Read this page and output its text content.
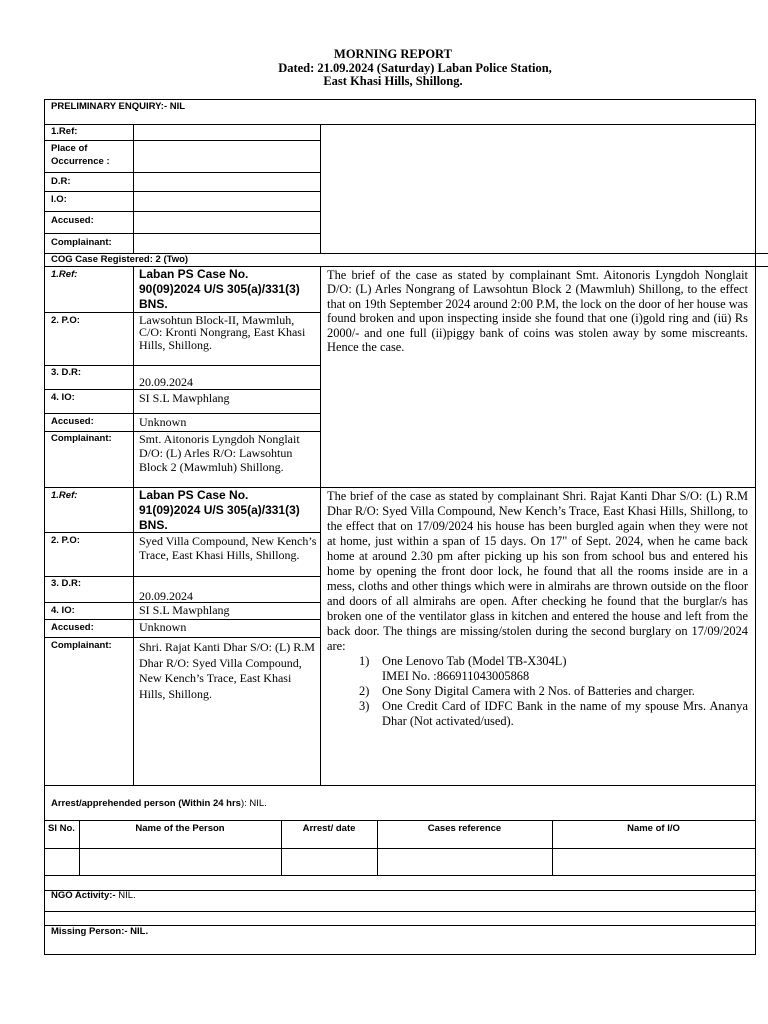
MORNING REPORT
Dated: 21.09.2024 (Saturday) Laban Police Station,
East Khasi Hills, Shillong.
PRELIMINARY ENQUIRY:- NIL
1.Ref:
Place of Occurrence :
D.R:
I.O:
Accused:
Complainant:
COG Case Registered: 2 (Two)
1.Ref:	Laban PS Case No. 90(09)2024 U/S 305(a)/331(3) BNS.
2. P.O:	Lawsohtun Block-II, Mawmluh, C/O: Kronti Nongrang, East Khasi Hills, Shillong.
3. D.R:
20.09.2024
4. IO:	SI S.L Mawphlang
Accused:	Unknown
Complainant: Smt. Aitonoris Lyngdoh Nonglait D/O: (L) Arles R/O: Lawsohtun Block 2 (Mawmluh) Shillong.
The brief of the case as stated by complainant Smt. Aitonoris Lyngdoh Nonglait D/O: (L) Arles Nongrang of Lawsohtun Block 2 (Mawmluh) Shillong, to the effect that on 19th September 2024 around 2:00 P.M, the lock on the door of her house was found broken and upon inspecting inside she found that one (i)gold ring and (iü) Rs 2000/- and one full (ii)piggy bank of coins was stolen away by some miscreants. Hence the case.
1.Ref:	Laban PS Case No. 91(09)2024 U/S 305(a)/331(3) BNS.
2. P.O:	Syed Villa Compound, New Kench’s Trace, East Khasi Hills, Shillong.
3. D.R:
20.09.2024
4. IO:	SI S.L Mawphlang
Accused:	Unknown
Complainant: Shri. Rajat Kanti Dhar S/O: (L) R.M Dhar R/O: Syed Villa Compound, New Kench’s Trace, East Khasi Hills, Shillong.
The brief of the case as stated by complainant Shri. Rajat Kanti Dhar S/O: (L) R.M Dhar R/O: Syed Villa Compound, New Kench’s Trace, East Khasi Hills, Shillong, to the effect that on 17/09/2024 his house has been burgled again when they were not at home, just within a span of 15 days. On 17" of Sept. 2024, when he came back home at around 2.30 pm after picking up his son from school bus and entered his home by opening the front door lock, he found that all the rooms inside are in a mess, cloths and other things which were in almirahs are thrown outside on the floor and doors of all almirahs are open. After checking he found that the burglar/s has broken one of the ventilator glass in kitchen and entered the house and left from the back door. The things are missing/stolen during the second burglary on 17/09/2024 are:
1) One Lenovo Tab (Model TB-X304L)
IMEI No. :866911043005868
2) One Sony Digital Camera with 2 Nos. of Batteries and charger.
3) One Credit Card of IDFC Bank in the name of my spouse Mrs. Ananya Dhar (Not activated/used).
Arrest/apprehended person (Within 24 hrs): NIL.
Sl No.	Name of the Person	Arrest/ date	Cases reference	Name of I/O
NGO Activity:- NIL.
Missing Person:- NIL.
